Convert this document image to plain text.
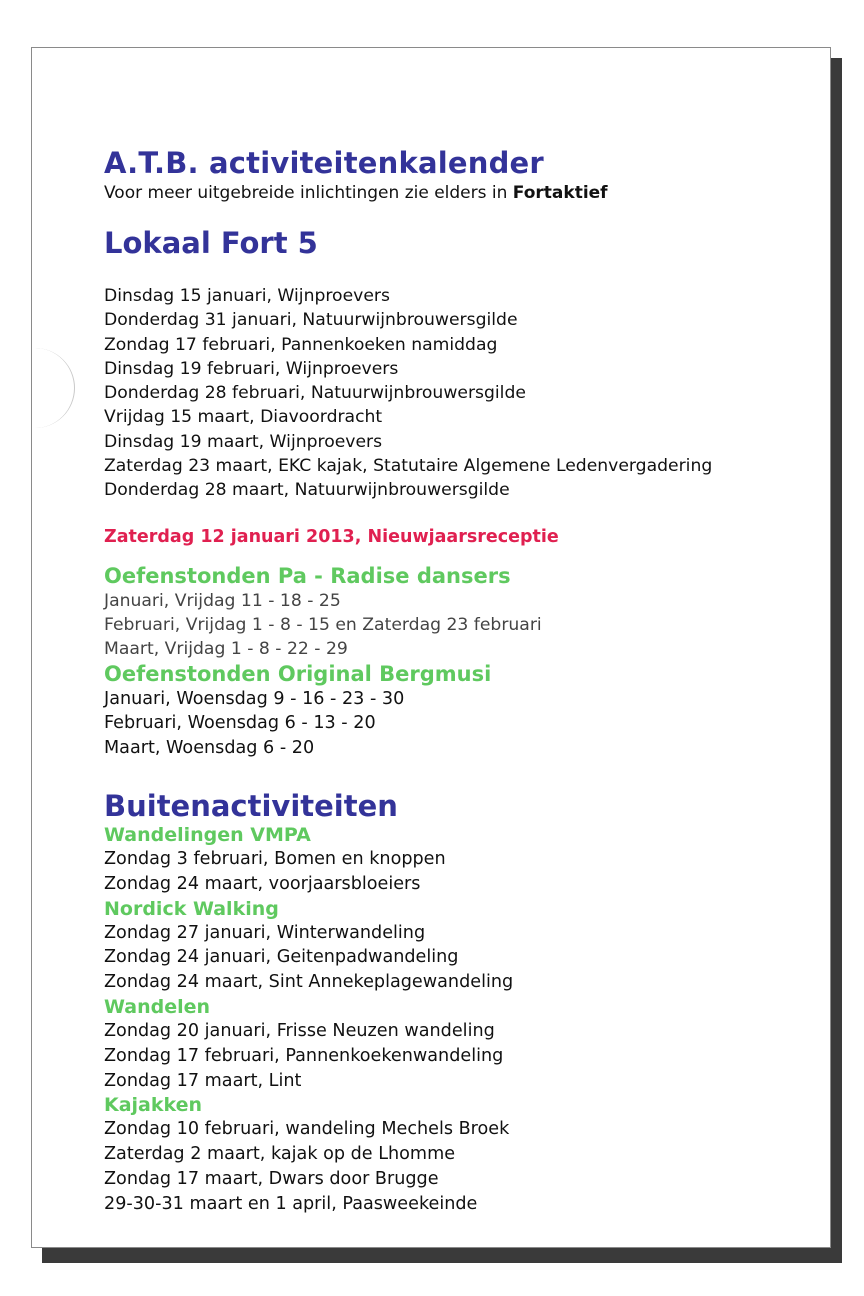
A.T.B. activiteitenkalender

Voor meer uitgebreide inlichtingen zie elders in Fortaktief

Lokaal Fort 5
Dinsdag 15 januari, Wijnproevers
Donderdag 31 januari, Natuurwijnbrouwersgilde
Zondag 17 februari, Pannenkoeken namiddag
Dinsdag 19 februari, Wijnproevers
Donderdag 28 februari, Natuurwijnbrouwersgilde
Vrijdag 15 maart, Diavoordracht
Dinsdag 19 maart, Wijnproevers
Zaterdag 23 maart, EKC kajak, Statutaire Algemene Ledenvergadering
Donderdag 28 maart, Natuurwijnbrouwersgilde
Zaterdag 12 januari 2013, Nieuwjaarsreceptie
Oefenstonden Pa - Radise dansers
Januari, Vrijdag 11 - 18 - 25
Februari, Vrijdag 1 - 8 - 15 en Zaterdag 23 februari
Maart, Vrijdag 1 - 8 - 22 - 29
Oefenstonden Original Bergmusi
Januari, Woensdag 9 - 16 - 23 - 30
Februari, Woensdag 6 - 13 - 20
Maart, Woensdag 6 - 20
Buitenactiviteiten
Wandelingen VMPA
Zondag 3 februari, Bomen en knoppen
Zondag 24 maart, voorjaarsbloeiers
Nordick Walking
Zondag 27 januari, Winterwandeling
Zondag 24 januari, Geitenpadwandeling
Zondag 24 maart, Sint Annekeplagewandeling
Wandelen
Zondag 20 januari, Frisse Neuzen wandeling
Zondag 17 februari, Pannenkoekenwandeling
Zondag 17 maart, Lint
Kajakken
Zondag 10 februari, wandeling Mechels Broek
Zaterdag 2 maart, kajak op de Lhomme
Zondag 17 maart, Dwars door Brugge
29-30-31 maart en 1 april, Paasweekeinde
